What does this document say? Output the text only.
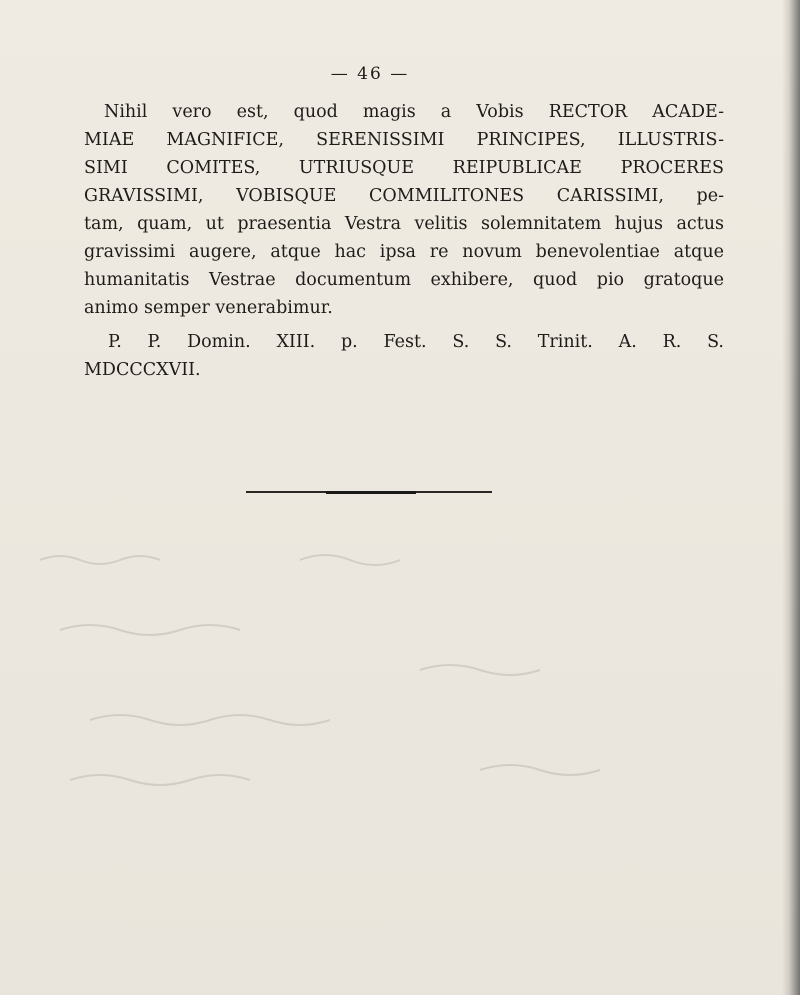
— 46 —
Nihil vero est, quod magis a Vobis RECTOR ACADE-
MIAE MAGNIFICE, SERENISSIMI PRINCIPES, ILLUSTRIS-
SIMI COMITES, UTRIUSQUE REIPUBLICAE PROCERES
GRAVISSIMI, VOBISQUE COMMILITONES CARISSIMI, pe-
tam, quam, ut praesentia Vestra velitis solemnitatem hujus actus
gravissimi augere, atque hac ipsa re novum benevolentiae atque
humanitatis Vestrae documentum exhibere, quod pio gratoque
animo semper venerabimur.
P. P. Domin. XIII. p. Fest. S. S. Trinit. A. R. S.
MDCCCXVII.
